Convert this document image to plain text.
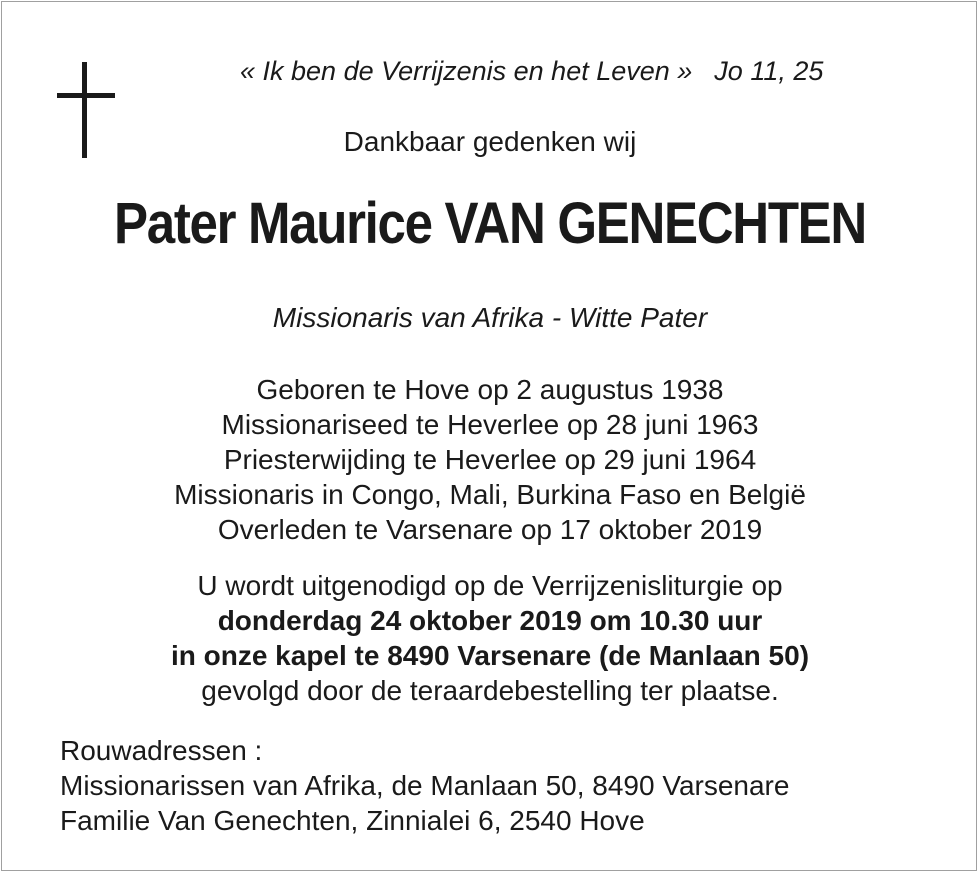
« Ik ben de Verrijzenis en het Leven » Jo 11, 25
Dankbaar gedenken wij
Pater Maurice VAN GENECHTEN
Missionaris van Afrika - Witte Pater
Geboren te Hove op 2 augustus 1938
Missionariseed te Heverlee op 28 juni 1963
Priesterwijding te Heverlee op 29 juni 1964
Missionaris in Congo, Mali, Burkina Faso en België
Overleden te Varsenare op 17 oktober 2019
U wordt uitgenodigd op de Verrijzenisliturgie op
donderdag 24 oktober 2019 om 10.30 uur
in onze kapel te 8490 Varsenare (de Manlaan 50)
gevolgd door de teraardebestelling ter plaatse.
Rouwadressen :
Missionarissen van Afrika, de Manlaan 50, 8490 Varsenare
Familie Van Genechten, Zinnialei 6, 2540 Hove
